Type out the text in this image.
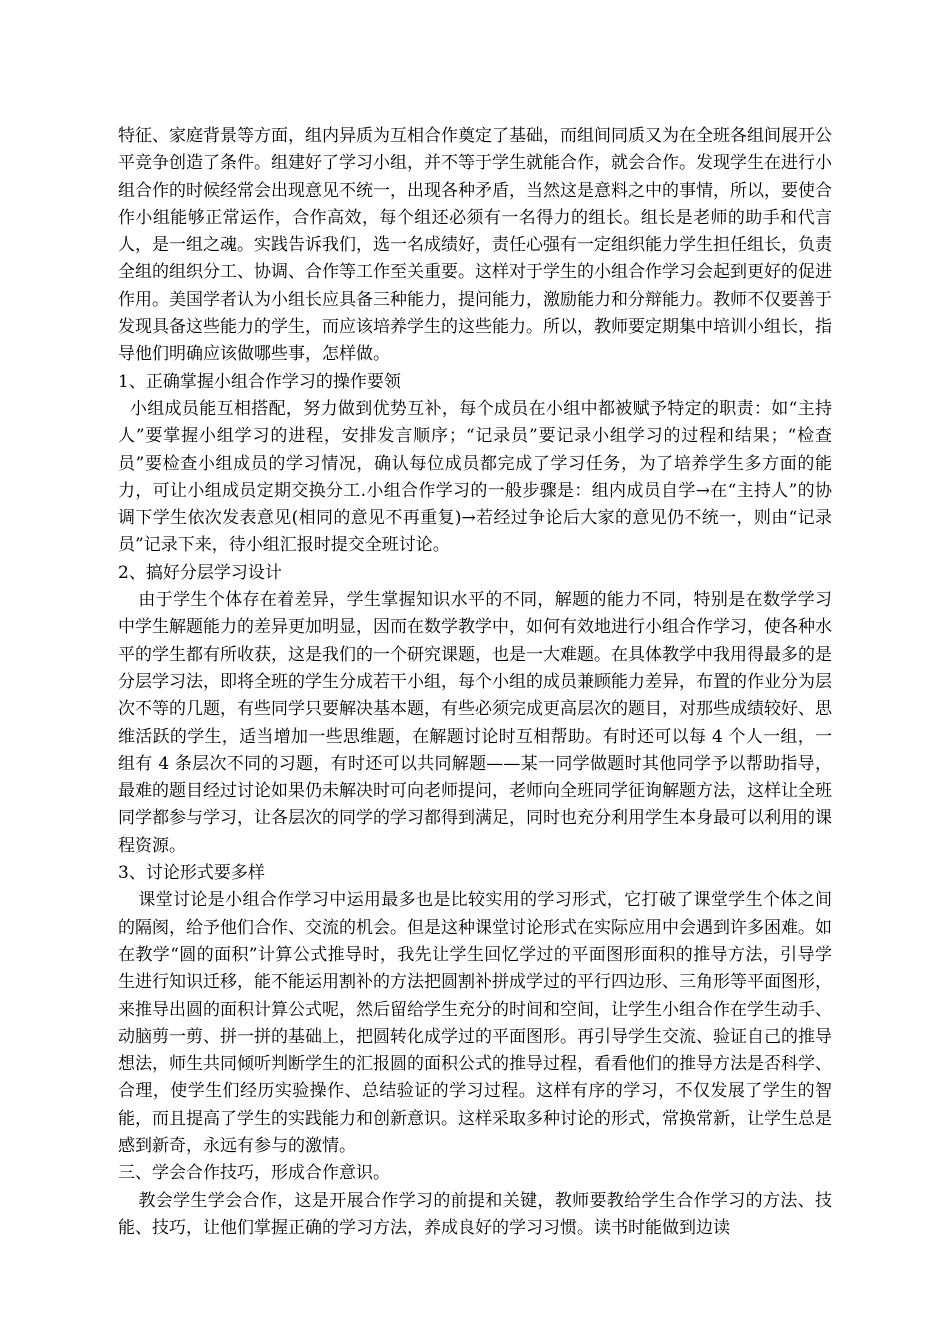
特征、家庭背景等方面，组内异质为互相合作奠定了基础，而组间同质又为在全班各组间展开公平竞争创造了条件。组建好了学习小组，并不等于学生就能合作，就会合作。发现学生在进行小组合作的时候经常会出现意见不统一，出现各种矛盾，当然这是意料之中的事情，所以，要使合作小组能够正常运作，合作高效，每个组还必须有一名得力的组长。组长是老师的助手和代言人，是一组之魂。实践告诉我们，选一名成绩好，责任心强有一定组织能力学生担任组长，负责全组的组织分工、协调、合作等工作至关重要。这样对于学生的小组合作学习会起到更好的促进作用。美国学者认为小组长应具备三种能力，提问能力，激励能力和分辩能力。教师不仅要善于发现具备这些能力的学生，而应该培养学生的这些能力。所以，教师要定期集中培训小组长，指导他们明确应该做哪些事，怎样做。

1、正确掌握小组合作学习的操作要领

小组成员能互相搭配，努力做到优势互补，每个成员在小组中都被赋予特定的职责：如“主持人”要掌握小组学习的进程，安排发言顺序；“记录员”要记录小组学习的过程和结果；“检查员”要检查小组成员的学习情况，确认每位成员都完成了学习任务，为了培养学生多方面的能力，可让小组成员定期交换分工.小组合作学习的一般步骤是：组内成员自学→在“主持人”的协调下学生依次发表意见(相同的意见不再重复)→若经过争论后大家的意见仍不统一，则由“记录员”记录下来，待小组汇报时提交全班讨论。

2、搞好分层学习设计

由于学生个体存在着差异，学生掌握知识水平的不同，解题的能力不同，特别是在数学学习中学生解题能力的差异更加明显，因而在数学教学中，如何有效地进行小组合作学习，使各种水平的学生都有所收获，这是我们的一个研究课题，也是一大难题。在具体教学中我用得最多的是分层学习法，即将全班的学生分成若干小组，每个小组的成员兼顾能力差异，布置的作业分为层次不等的几题，有些同学只要解决基本题，有些必须完成更高层次的题目，对那些成绩较好、思维活跃的学生，适当增加一些思维题，在解题讨论时互相帮助。有时还可以每 4 个人一组，一组有 4 条层次不同的习题，有时还可以共同解题——某一同学做题时其他同学予以帮助指导，最难的题目经过讨论如果仍未解决时可向老师提问，老师向全班同学征询解题方法，这样让全班同学都参与学习，让各层次的同学的学习都得到满足，同时也充分利用学生本身最可以利用的课程资源。

3、讨论形式要多样

课堂讨论是小组合作学习中运用最多也是比较实用的学习形式，它打破了课堂学生个体之间的隔阂，给予他们合作、交流的机会。但是这种课堂讨论形式在实际应用中会遇到许多困难。如在教学“圆的面积”计算公式推导时，我先让学生回忆学过的平面图形面积的推导方法，引导学生进行知识迁移，能不能运用割补的方法把圆割补拼成学过的平行四边形、三角形等平面图形，来推导出圆的面积计算公式呢，然后留给学生充分的时间和空间，让学生小组合作在学生动手、动脑剪一剪、拼一拼的基础上，把圆转化成学过的平面图形。再引导学生交流、验证自己的推导想法，师生共同倾听判断学生的汇报圆的面积公式的推导过程，看看他们的推导方法是否科学、合理，使学生们经历实验操作、总结验证的学习过程。这样有序的学习，不仅发展了学生的智能，而且提高了学生的实践能力和创新意识。这样采取多种讨论的形式，常换常新，让学生总是感到新奇，永远有参与的激情。

三、学会合作技巧，形成合作意识。

教会学生学会合作，这是开展合作学习的前提和关键，教师要教给学生合作学习的方法、技能、技巧，让他们掌握正确的学习方法，养成良好的学习习惯。读书时能做到边读
